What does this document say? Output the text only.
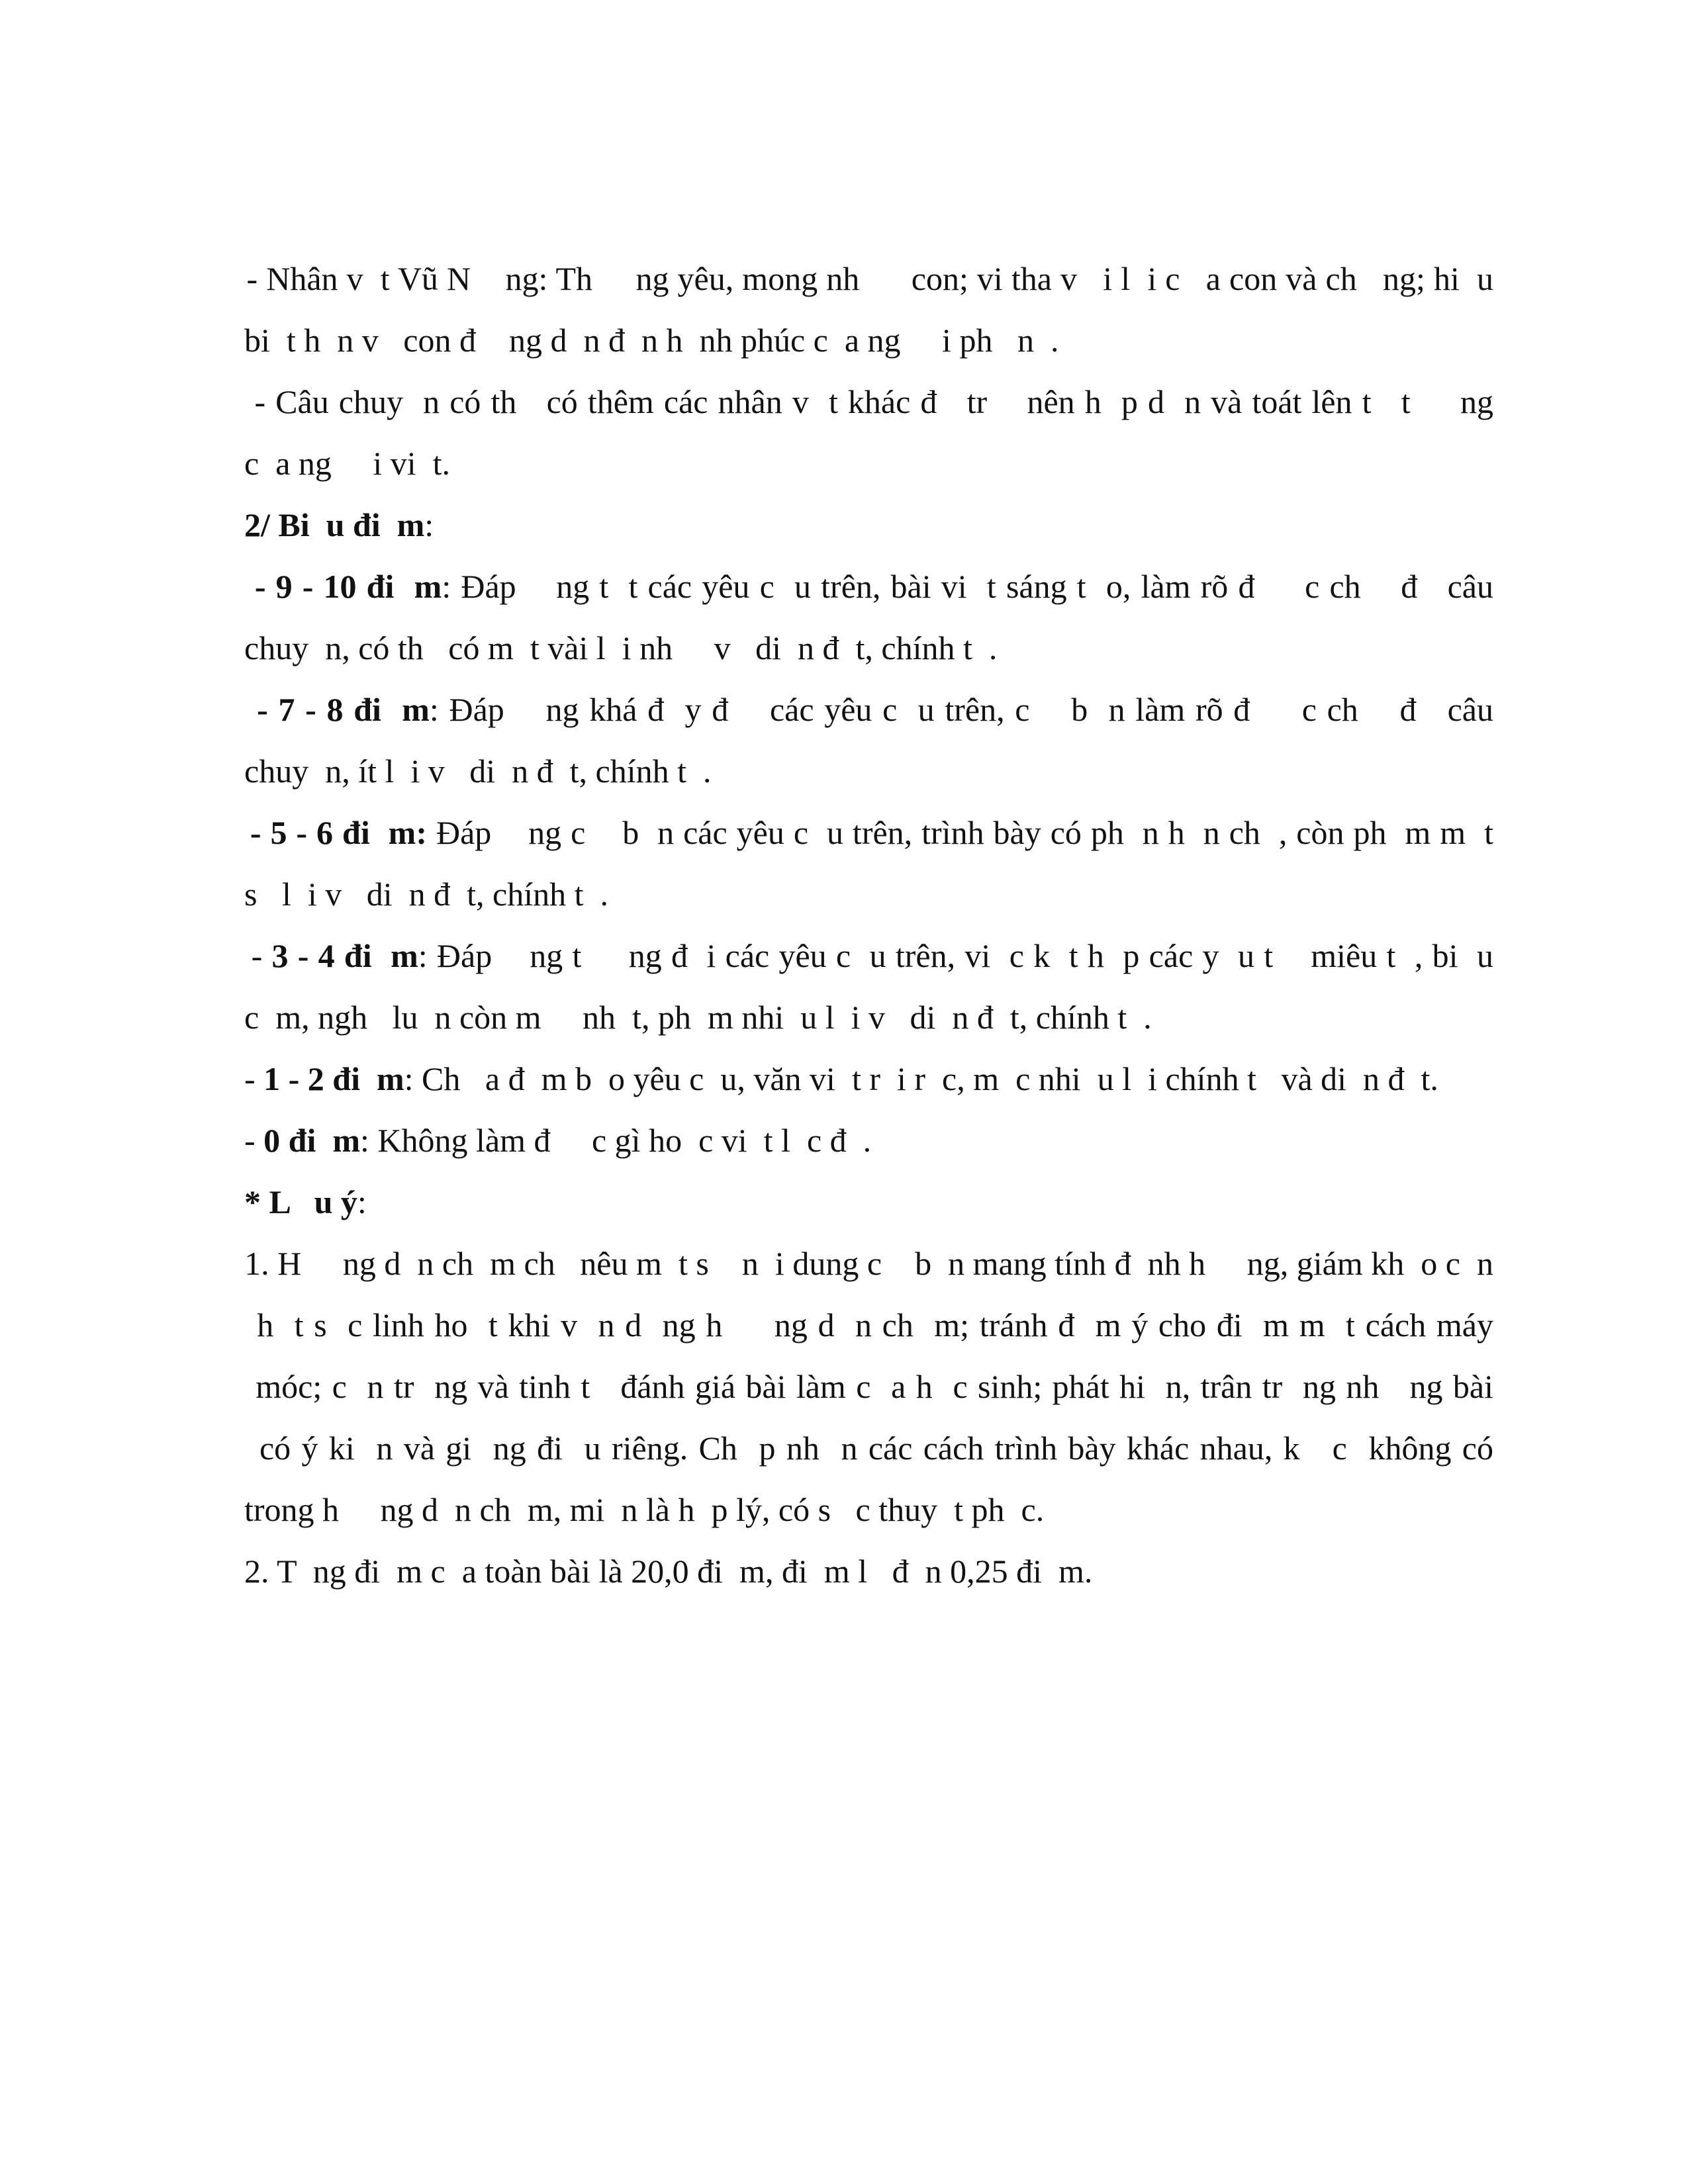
- Nhân v  t Vũ N    ng: Th     ng yêu, mong nh      con; vi tha v   i l  i c   a con và ch   ng; hi  u

bi  t h  n v   con đ    ng d  n đ  n h  nh phúc c  a ng     i ph   n  .

- Câu chuy  n có th   có thêm các nhân v  t khác đ   tr    nên h  p d  n và toát lên t   t     ng

c  a ng     i vi  t.

2/ Bi  u đi  m:

- 9 - 10 đi  m: Đáp    ng t  t các yêu c  u trên, bài vi  t sáng t  o, làm rõ đ     c ch    đ   câu

chuy  n, có th   có m  t vài l  i nh     v   di  n đ  t, chính t  .

- 7 - 8 đi  m: Đáp    ng khá đ  y đ    các yêu c  u trên, c    b  n làm rõ đ     c ch    đ   câu

chuy  n, ít l  i v   di  n đ  t, chính t  .

- 5 - 6 đi  m: Đáp    ng c    b  n các yêu c  u trên, trình bày có ph  n h  n ch  , còn ph  m m  t

s   l  i v   di  n đ  t, chính t  .

- 3 - 4 đi  m: Đáp    ng t     ng đ  i các yêu c  u trên, vi  c k  t h  p các y  u t    miêu t  , bi  u

c  m, ngh   lu  n còn m     nh  t, ph  m nhi  u l  i v   di  n đ  t, chính t  .

- 1 - 2 đi  m: Ch   a đ  m b  o yêu c  u, văn vi  t r  i r  c, m  c nhi  u l  i chính t   và di  n đ  t.

- 0 đi  m: Không làm đ     c gì ho  c vi  t l  c đ  .

* L   u ý:

1. H     ng d  n ch  m ch   nêu m  t s    n  i dung c    b  n mang tính đ  nh h     ng, giám kh  o c  n

h  t s  c linh ho  t khi v  n d  ng h     ng d  n ch  m; tránh đ  m ý cho đi  m m  t cách máy

móc; c  n tr  ng và tinh t   đánh giá bài làm c  a h  c sinh; phát hi  n, trân tr  ng nh   ng bài

có ý ki  n và gi  ng đi  u riêng. Ch  p nh  n các cách trình bày khác nhau, k   c  không có

trong h     ng d  n ch  m, mi  n là h  p lý, có s   c thuy  t ph  c.

2. T  ng đi  m c  a toàn bài là 20,0 đi  m, đi  m l   đ  n 0,25 đi  m.
